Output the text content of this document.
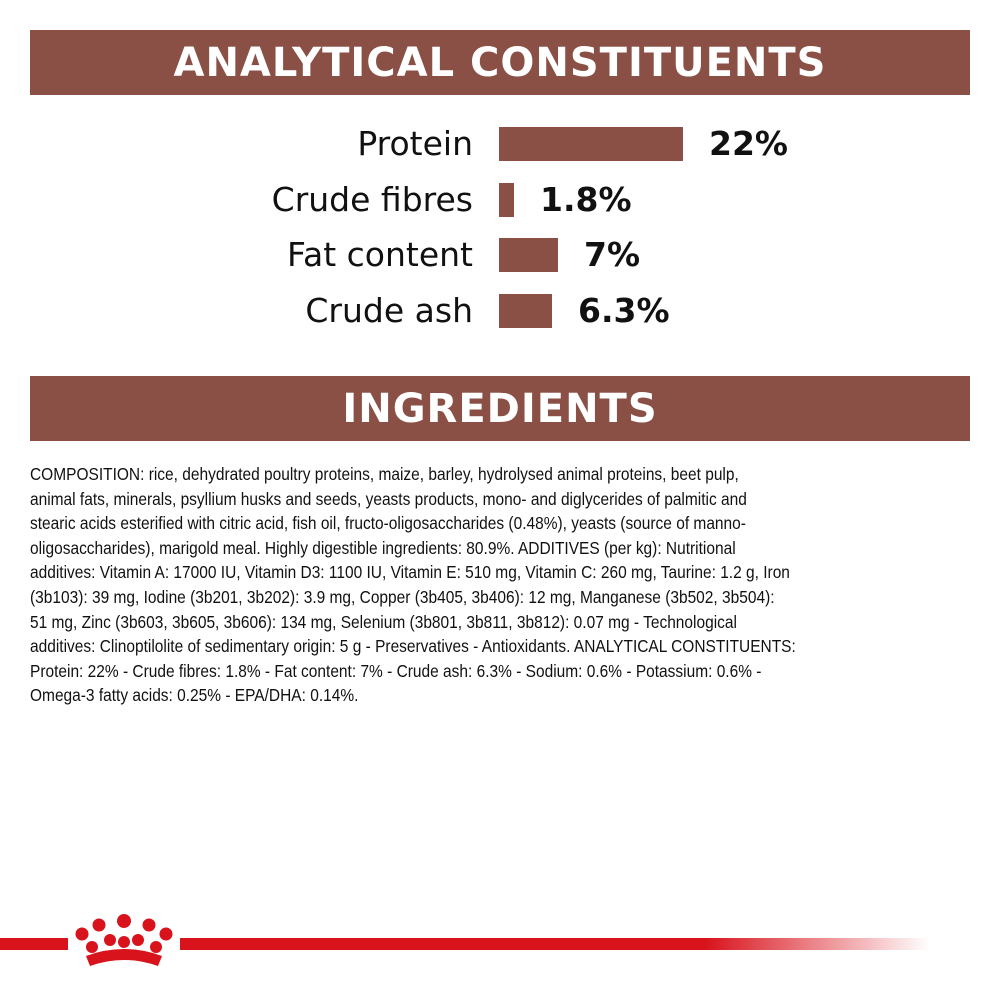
ANALYTICAL CONSTITUENTS
Protein	22%
Crude fibres 1.8%
Fat content	7%
Crude ash	6.3%
INGREDIENTS
COMPOSITION: rice, dehydrated poultry proteins, maize, barley, hydrolysed animal proteins, beet pulp,
animal fats, minerals, psyllium husks and seeds, yeasts products, mono- and diglycerides of palmitic and
stearic acids esterified with citric acid, fish oil, fructo-oligosaccharides (0.48%), yeasts (source of manno-
oligosaccharides), marigold meal. Highly digestible ingredients: 80.9%. ADDITIVES (per kg): Nutritional
additives: Vitamin A: 17000 IU, Vitamin D3: 1100 IU, Vitamin E: 510 mg, Vitamin C: 260 mg, Taurine: 1.2 g, Iron
(3b103): 39 mg, Iodine (3b201, 3b202): 3.9 mg, Copper (3b405, 3b406): 12 mg, Manganese (3b502, 3b504):
51 mg, Zinc (3b603, 3b605, 3b606): 134 mg, Selenium (3b801, 3b811, 3b812): 0.07 mg - Technological
additives: Clinoptilolite of sedimentary origin: 5 g - Preservatives - Antioxidants. ANALYTICAL CONSTITUENTS:
Protein: 22% - Crude fibres: 1.8% - Fat content: 7% - Crude ash: 6.3% - Sodium: 0.6% - Potassium: 0.6% -
Omega-3 fatty acids: 0.25% - EPA/DHA: 0.14%.
